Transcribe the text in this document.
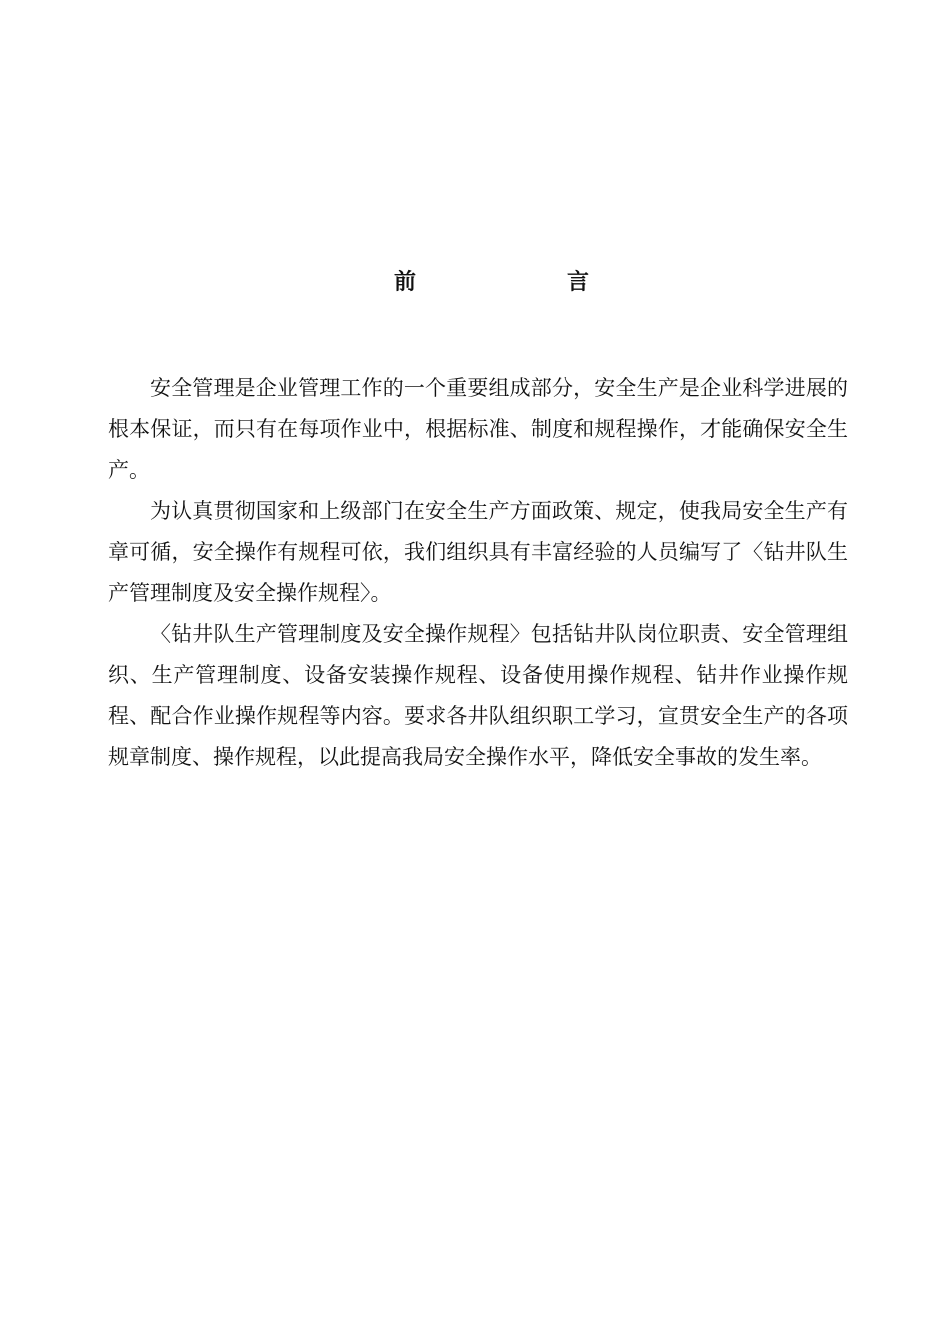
前	言

安全管理是企业管理工作的一个重要组成部分，安全生产是企业科学进展的根本保证，而只有在每项作业中，根据标准、制度和规程操作，才能确保安全生产。

为认真贯彻国家和上级部门在安全生产方面政策、规定，使我局安全生产有章可循，安全操作有规程可依，我们组织具有丰富经验的人员编写了〈钻井队生产管理制度及安全操作规程〉。

〈钻井队生产管理制度及安全操作规程〉包括钻井队岗位职责、安全管理组织、生产管理制度、设备安装操作规程、设备使用操作规程、钻井作业操作规程、配合作业操作规程等内容。要求各井队组织职工学习，宣贯安全生产的各项规章制度、操作规程，以此提高我局安全操作水平，降低安全事故的发生率。
